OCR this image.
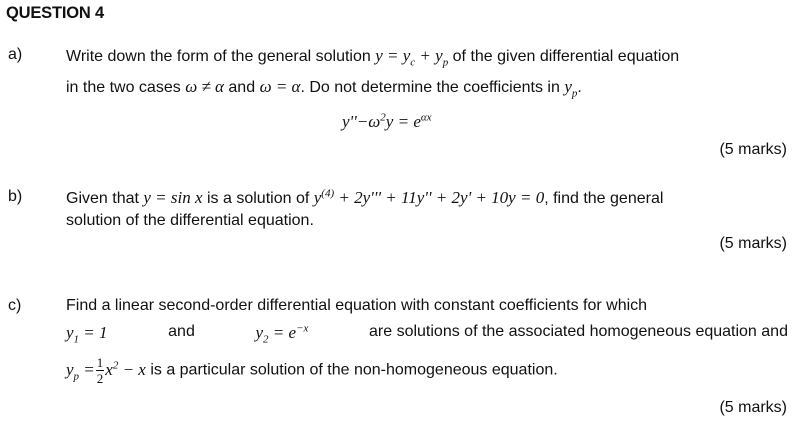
QUESTION 4
a)	Write down the form of the general solution $y = y_c + y_p$ of the given differential equation
in the two cases ω ≠ α and ω = α. Do not determine the coefficients in $y_p$.
$y''-\omega^2y = e^{\alpha x}$
(5 marks)
b)	Given that y = sin x is a solution of $y^{(4)} + 2y''' + 11y'' + 2y' + 10y = 0$, find the general
solution of the differential equation.
(5 marks)
c)	Find a linear second-order differential equation with constant coefficients for which
$y_1 = 1$	and	$y_2 = e^{-x}$	are solutions of the associated homogeneous equation and
$y_p = \frac{1}{2} x^2 - x$ is a particular solution of the non-homogeneous equation.
(5 marks)
